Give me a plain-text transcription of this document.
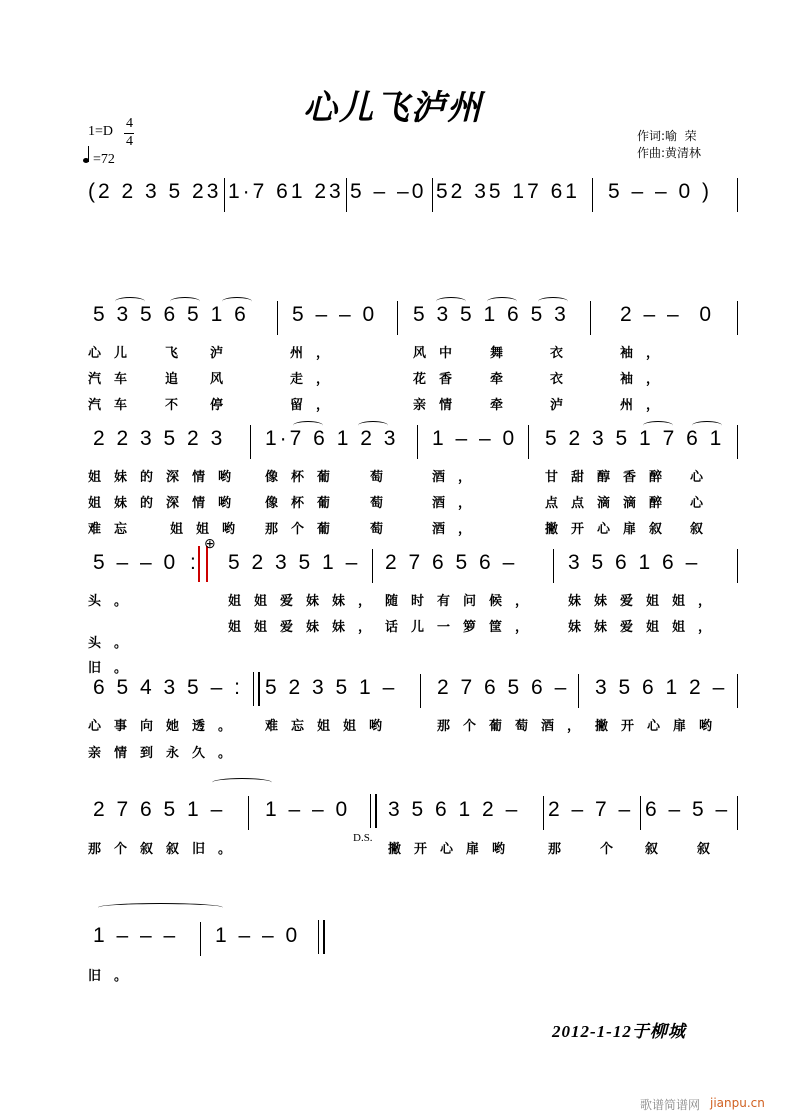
心儿飞泸州
1=D
4
4
=72
作词:喻  荣
作曲:黄清林
2012-1-12于柳城
歌谱简谱网 jianpu.cn
(2 2 3 5 23 1·7 61 23 5 – –0 52 35 17 61 5 – – 0 )
5 3 5 6 5 1 6 5 – – 0 5 3 5 1 6 5 3 2 – –  0
心儿 飞 泸	州，	风中 舞	衣	袖，
汽车 追 风	走，	花香 牵	衣	袖，
汽车 不 停	留，	亲情 牵	泸	州，
2 2 3 5 2 3 1·7 6 1 2 3 1 – – 0 5 2 3 5 1 7 6 1
姐妹的深情哟 像杯葡 萄	酒，	甘甜醇香醉 心
姐妹的深情哟 像杯葡 萄	酒，	点点滴滴醉 心
难忘 姐姐哟 那个葡 萄	酒，	撇开心扉叙 叙
5 – – 0 5 2 3 5 1 – 2 7 6 5 6 – 3 5 6 1 6 –
头。	姐姐爱妹妹， 随时有问候， 妹妹爱姐姐，
姐姐爱妹妹， 话儿一箩筐， 妹妹爱姐姐，
头。
旧。
6 5 4 3 5 – : 5 2 3 5 1 – 2 7 6 5 6 – 3 5 6 1 2 –
心事向她透。 难忘姐姐哟	那个葡萄酒， 撇开心扉哟
亲情到永久。
2 7 6 5 1 – 1 – – 0 3 5 6 1 2 – 2 – 7 – 6 – 5 –
那个叙叙旧。	撇开心扉哟 那 个 叙 叙
1 – – – 1 – – 0
旧。
:
⊕
D.S.
